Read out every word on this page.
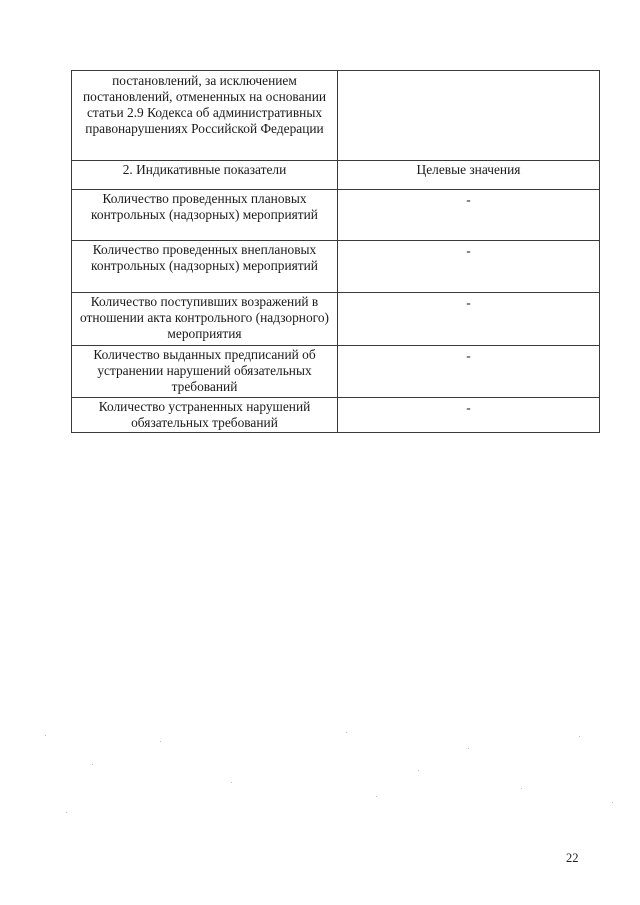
постановлений, за исключением постановлений, отмененных на основании статьи 2.9 Кодекса об административных правонарушениях Российской Федерации	
2. Индикативные показатели	Целевые значения
Количество проведенных плановых контрольных (надзорных) мероприятий	-
Количество проведенных внеплановых контрольных (надзорных) мероприятий	-
Количество поступивших возражений в отношении акта контрольного (надзорного) мероприятия	-
Количество выданных предписаний об устранении нарушений обязательных требований	-
Количество устраненных нарушений обязательных требований	-
22
